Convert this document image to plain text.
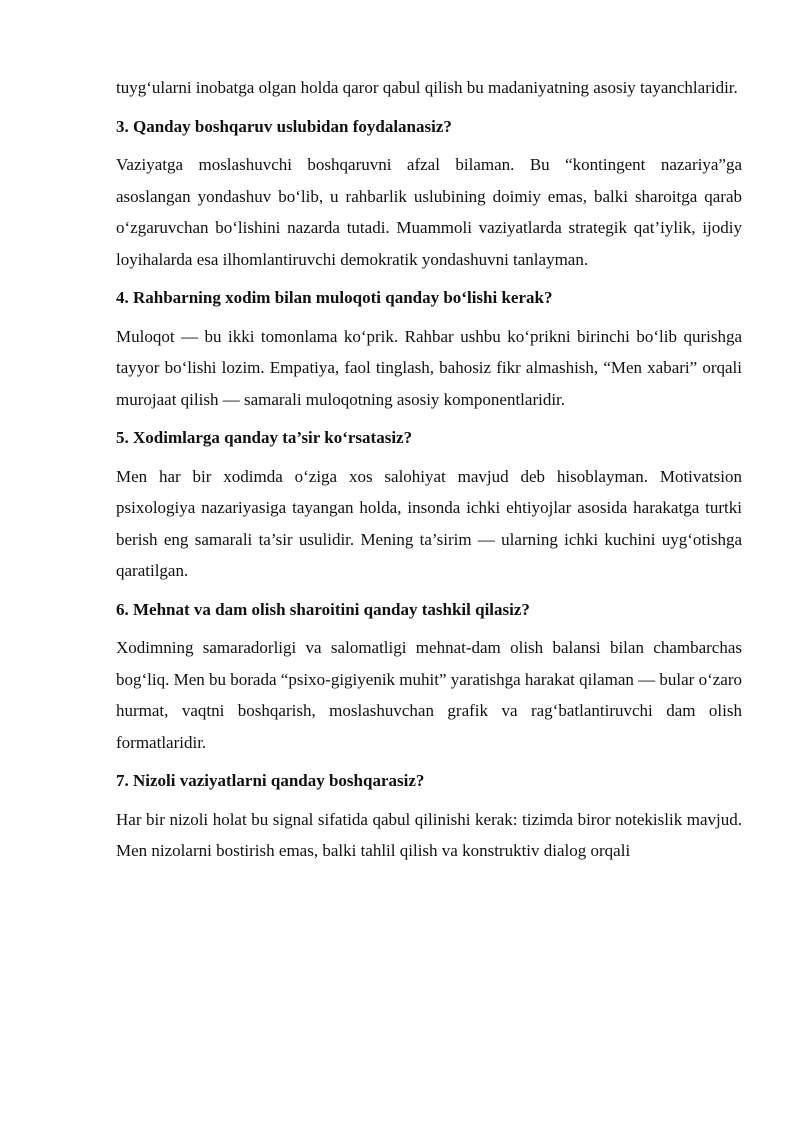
tuyg‘ularni inobatga olgan holda qaror qabul qilish bu madaniyatning asosiy tayanchlaridir.

3. Qanday boshqaruv uslubidan foydalanasiz?

Vaziyatga moslashuvchi boshqaruvni afzal bilaman. Bu “kontingent nazariya”ga asoslangan yondashuv bo‘lib, u rahbarlik uslubining doimiy emas, balki sharoitga qarab o‘zgaruvchan bo‘lishini nazarda tutadi. Muammoli vaziyatlarda strategik qat’iylik, ijodiy loyihalarda esa ilhomlantiruvchi demokratik yondashuvni tanlayman.

4. Rahbarning xodim bilan muloqoti qanday bo‘lishi kerak?

Muloqot — bu ikki tomonlama ko‘prik. Rahbar ushbu ko‘prikni birinchi bo‘lib qurishga tayyor bo‘lishi lozim. Empatiya, faol tinglash, bahosiz fikr almashish, “Men xabari” orqali murojaat qilish — samarali muloqotning asosiy komponentlaridir.

5. Xodimlarga qanday ta’sir ko‘rsatasiz?

Men har bir xodimda o‘ziga xos salohiyat mavjud deb hisoblayman. Motivatsion psixologiya nazariyasiga tayangan holda, insonda ichki ehtiyojlar asosida harakatga turtki berish eng samarali ta’sir usulidir. Mening ta’sirim — ularning ichki kuchini uyg‘otishga qaratilgan.

6. Mehnat va dam olish sharoitini qanday tashkil qilasiz?

Xodimning samaradorligi va salomatligi mehnat-dam olish balansi bilan chambarchas bog‘liq. Men bu borada “psixo-gigiyenik muhit” yaratishga harakat qilaman — bular o‘zaro hurmat, vaqtni boshqarish, moslashuvchan grafik va rag‘batlantiruvchi dam olish formatlaridir.

7. Nizoli vaziyatlarni qanday boshqarasiz?

Har bir nizoli holat bu signal sifatida qabul qilinishi kerak: tizimda biror notekislik mavjud. Men nizolarni bostirish emas, balki tahlil qilish va konstruktiv dialog orqali
